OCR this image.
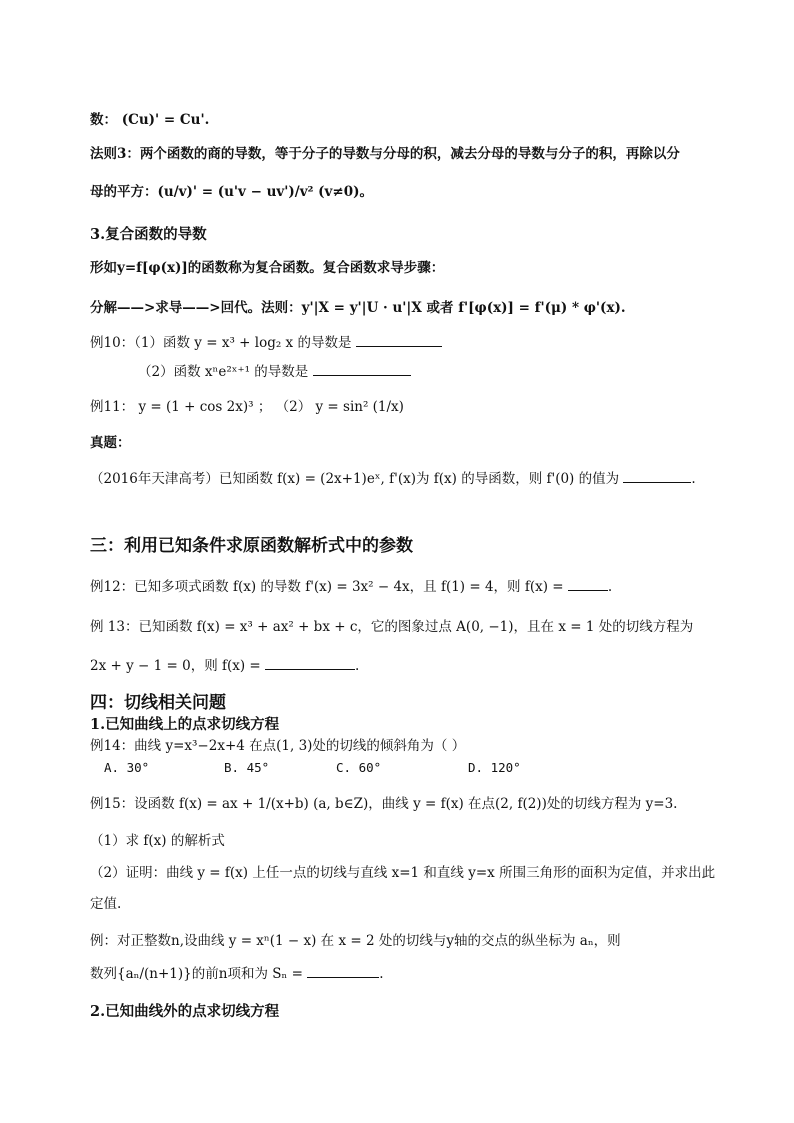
数： (Cu)' = Cu'.
法则3：两个函数的商的导数，等于分子的导数与分母的积，减去分母的导数与分子的积，再除以分
母的平方：(u/v)' = (u'v − uv')/v² (v≠0)。
3.复合函数的导数
形如y=f[φ(x)]的函数称为复合函数。复合函数求导步骤：
分解——>求导——>回代。法则：y'|X = y'|U · u'|X 或者 f'[φ(x)] = f'(μ) * φ'(x).
例10：（1）函数 y = x³ + log₂ x 的导数是
（2）函数 xⁿe²ˣ⁺¹ 的导数是
例11： y = (1 + cos 2x)³ ； （2） y = sin² (1/x)
真题：
（2016年天津高考）已知函数 f(x) = (2x+1)eˣ, f'(x)为 f(x) 的导函数，则 f'(0) 的值为	.
三：利用已知条件求原函数解析式中的参数
例12：已知多项式函数 f(x) 的导数 f'(x) = 3x² − 4x，且 f(1) = 4，则 f(x) =	.
例 13：已知函数 f(x) = x³ + ax² + bx + c，它的图象过点 A(0, −1)，且在 x = 1 处的切线方程为
2x + y − 1 = 0，则 f(x) =	.
四：切线相关问题
1.已知曲线上的点求切线方程
例14：曲线 y=x³−2x+4 在点(1, 3)处的切线的倾斜角为（ ）
A. 30°	B. 45°	C. 60°	D. 120°
例15：设函数 f(x) = ax + 1/(x+b) (a, b∈Z)，曲线 y = f(x) 在点(2, f(2))处的切线方程为 y=3.
（1）求 f(x) 的解析式
（2）证明：曲线 y = f(x) 上任一点的切线与直线 x=1 和直线 y=x 所围三角形的面积为定值，并求出此
定值.
例：对正整数n,设曲线 y = xⁿ(1 − x) 在 x = 2 处的切线与y轴的交点的纵坐标为 aₙ，则
数列{aₙ/(n+1)}的前n项和为 Sₙ =	.
2.已知曲线外的点求切线方程
